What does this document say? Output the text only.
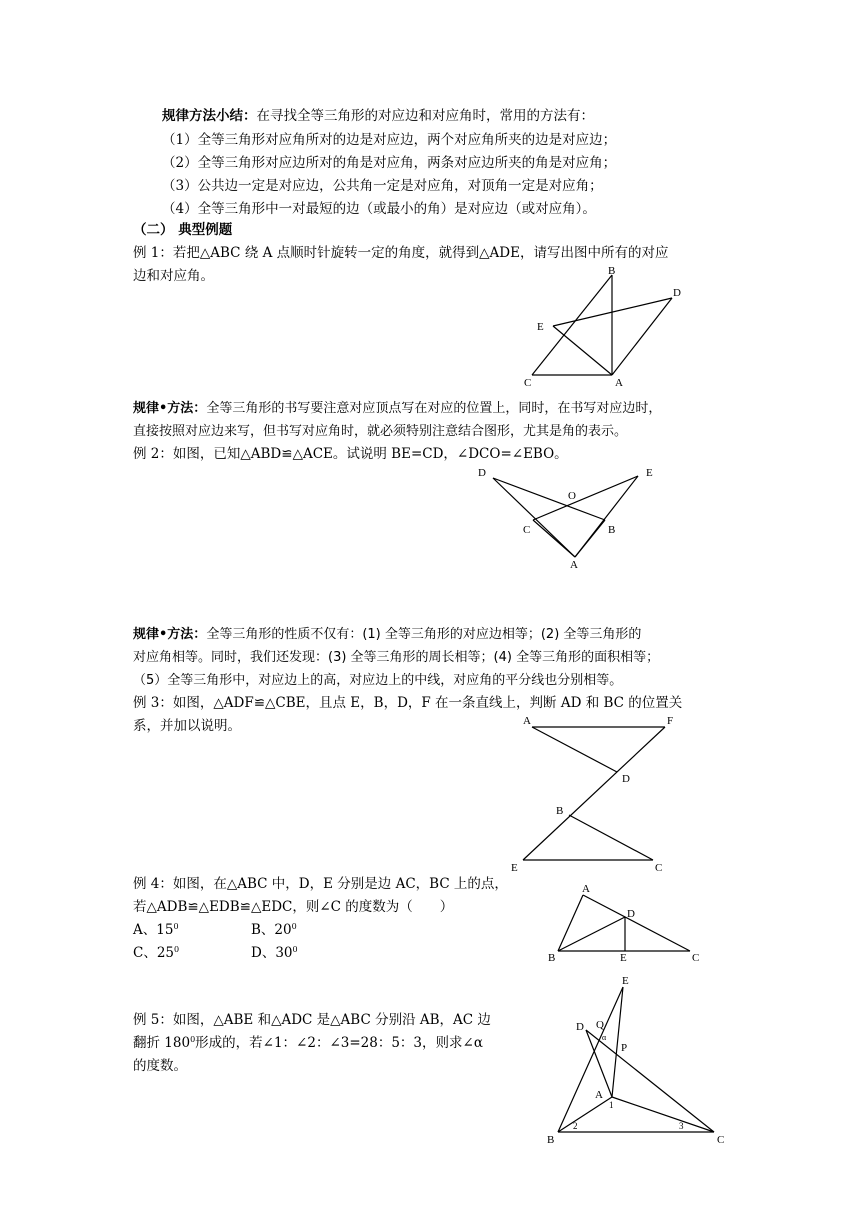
规律方法小结：在寻找全等三角形的对应边和对应角时，常用的方法有：
（1）全等三角形对应角所对的边是对应边，两个对应角所夹的边是对应边；
（2）全等三角形对应边所对的角是对应角，两条对应边所夹的角是对应角；
（3）公共边一定是对应边，公共角一定是对应角，对顶角一定是对应角；
（4）全等三角形中一对最短的边（或最小的角）是对应边（或对应角）。
（二） 典型例题
例 1：若把△ABC 绕 A 点顺时针旋转一定的角度，就得到△ADE，请写出图中所有的对应
边和对应角。	B
D
E
C	A
规律•方法：全等三角形的书写要注意对应顶点写在对应的位置上，同时，在书写对应边时，
直接按照对应边来写，但书写对应角时，就必须特别注意结合图形，尤其是角的表示。
例 2：如图，已知△ABD≌△ACE。试说明 BE=CD，∠DCO=∠EBO。
D	E
O
C	B
A
规律•方法：全等三角形的性质不仅有：(1) 全等三角形的对应边相等；(2) 全等三角形的
对应角相等。同时，我们还发现：(3) 全等三角形的周长相等；(4) 全等三角形的面积相等；
（5）全等三角形中，对应边上的高，对应边上的中线，对应角的平分线也分别相等。
例 3：如图，△ADF≌△CBE，且点 E，B，D，F 在一条直线上，判断 AD 和 BC 的位置关
系，并加以说明。	A	F
D
B
E	C
例 4：如图，在△ABC 中，D，E 分别是边 AC，BC 上的点，
若△ADB≌△EDB≌△EDC，则∠C 的度数为（　　）
A、$15^0$	B、$20^0$
C、$25^0$	D、$30^0$
A
D
B	E	C
例 5：如图，△ABE 和△ADC 是△ABC 分别沿 AB，AC 边
翻折 $180^0$形成的，若∠1：∠2：∠3=28：5：3，则求∠α
的度数。
E
D Q
α
P
A
1
B
2	3
C
